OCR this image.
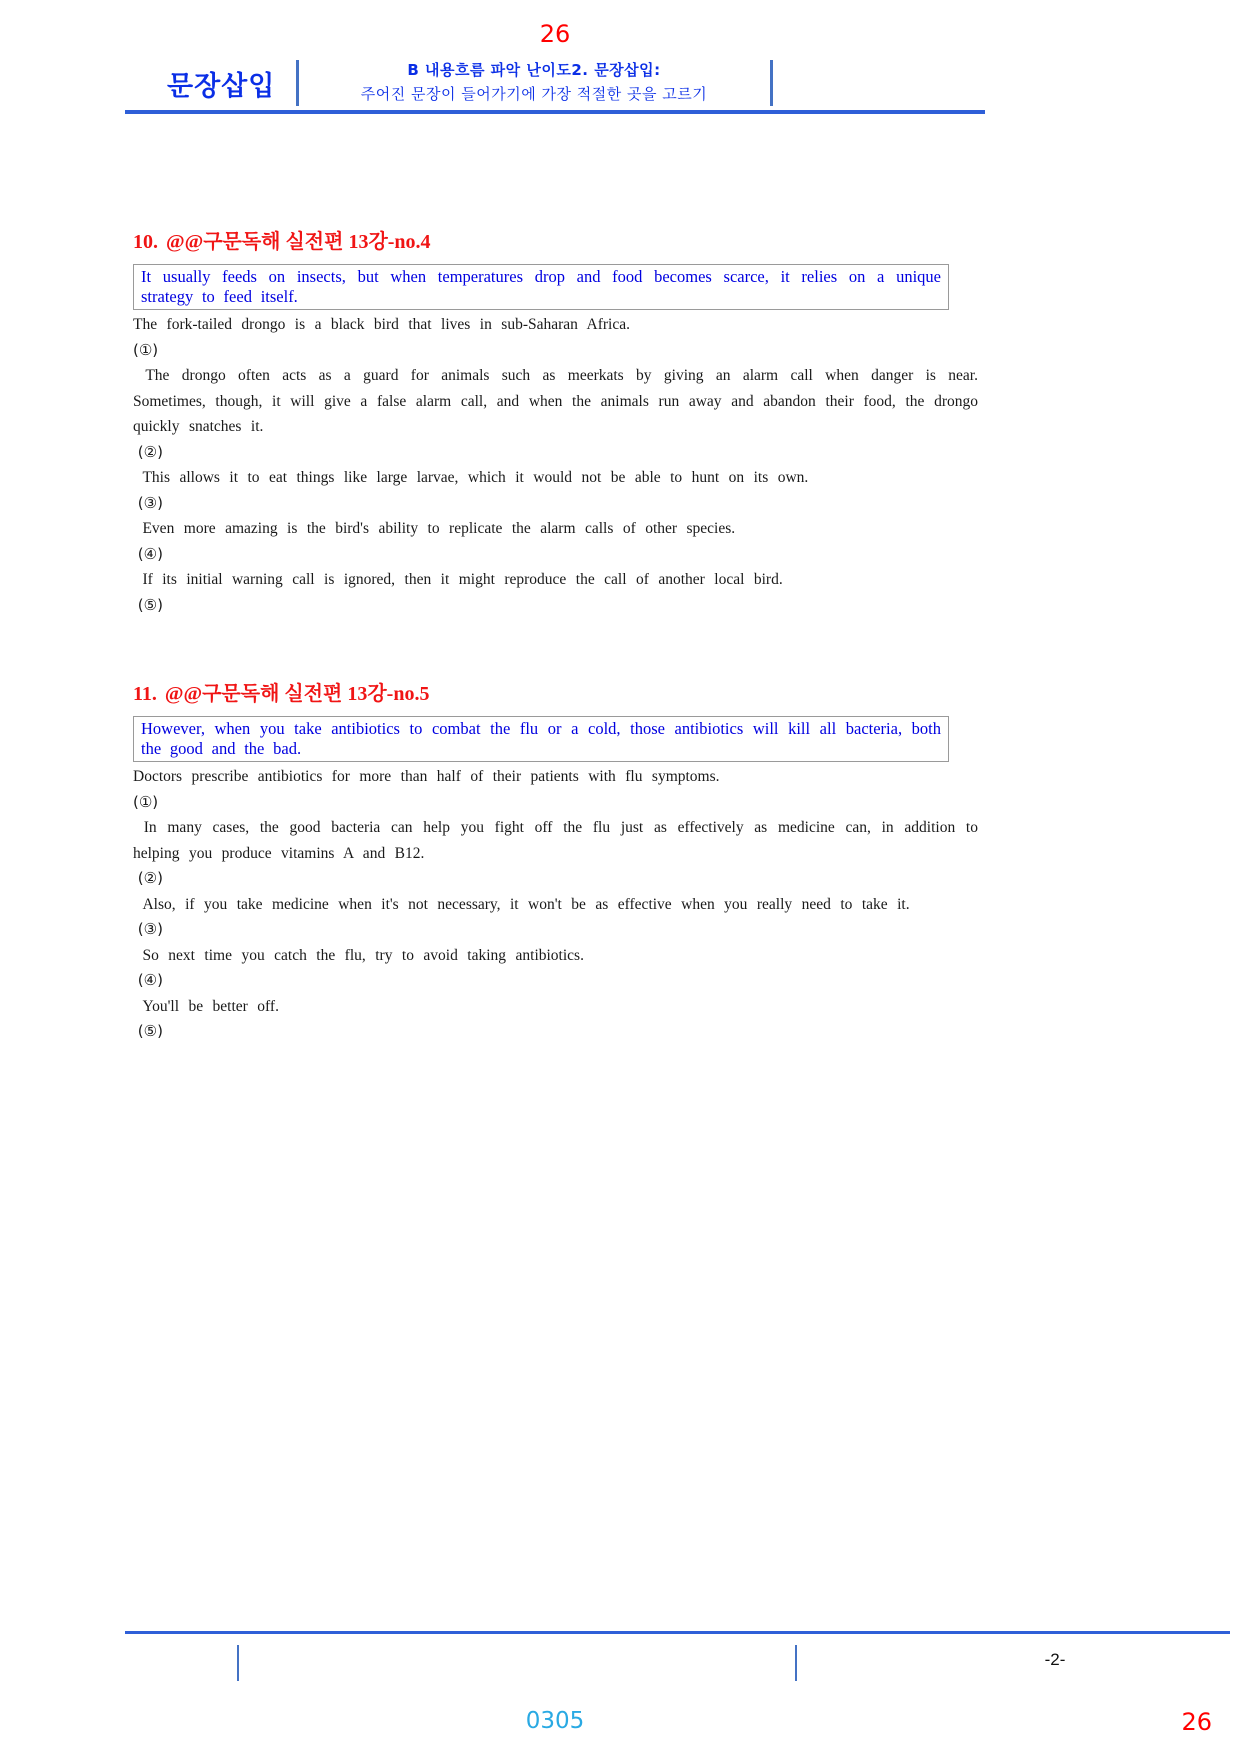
26
문장삽입
B 내용흐름 파악 난이도2. 문장삽입:
주어진 문장이 들어가기에 가장 적절한 곳을 고르기
10. @@구문독해 실전편 13강-no.4
It usually feeds on insects, but when temperatures drop and food becomes scarce, it relies on a unique strategy to feed itself.

The fork-tailed drongo is a black bird that lives in sub-Saharan Africa.

(①)

The drongo often acts as a guard for animals such as meerkats by giving an alarm call when danger is near. Sometimes, though, it will give a false alarm call, and when the animals run away and abandon their food, the drongo quickly snatches it.

(②)

This allows it to eat things like large larvae, which it would not be able to hunt on its own.

(③)

Even more amazing is the bird's ability to replicate the alarm calls of other species.

(④)

If its initial warning call is ignored, then it might reproduce the call of another local bird.

(⑤)

11. @@구문독해 실전편 13강-no.5
However, when you take antibiotics to combat the flu or a cold, those antibiotics will kill all bacteria, both the good and the bad.

Doctors prescribe antibiotics for more than half of their patients with flu symptoms.

(①)

In many cases, the good bacteria can help you fight off the flu just as effectively as medicine can, in addition to helping you produce vitamins A and B12.

(②)

Also, if you take medicine when it's not necessary, it won't be as effective when you really need to take it.

(③)

So next time you catch the flu, try to avoid taking antibiotics.

(④)

You'll be better off.

(⑤)

-2-
0305	26
